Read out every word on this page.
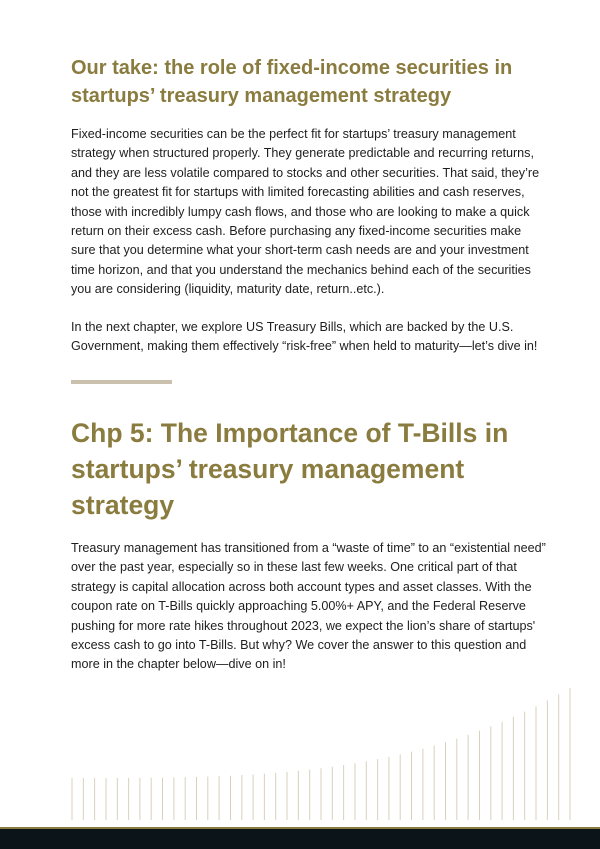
Our take: the role of fixed-income securities in startups’ treasury management strategy

Fixed-income securities can be the perfect fit for startups’ treasury management strategy when structured properly. They generate predictable and recurring returns, and they are less volatile compared to stocks and other securities. That said, they’re not the greatest fit for startups with limited forecasting abilities and cash reserves, those with incredibly lumpy cash flows, and those who are looking to make a quick return on their excess cash. Before purchasing any fixed-income securities make sure that you determine what your short-term cash needs are and your investment time horizon, and that you understand the mechanics behind each of the securities you are considering (liquidity, maturity date, return..etc.).

In the next chapter, we explore US Treasury Bills, which are backed by the U.S. Government, making them effectively “risk-free” when held to maturity—let’s dive in!

Chp 5: The Importance of T-Bills in startups’ treasury management strategy

Treasury management has transitioned from a “waste of time” to an “existential need” over the past year, especially so in these last few weeks. One critical part of that strategy is capital allocation across both account types and asset classes. With the coupon rate on T-Bills quickly approaching 5.00%+ APY, and the Federal Reserve pushing for more rate hikes throughout 2023, we expect the lion’s share of startups' excess cash to go into T-Bills. But why? We cover the answer to this question and more in the chapter below—dive on in!
